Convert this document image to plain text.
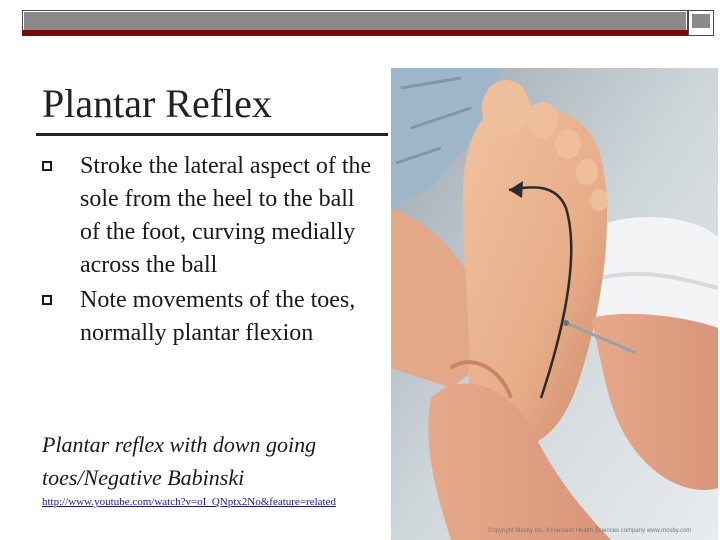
Plantar Reflex
Stroke the lateral aspect of the sole from the heel to the ball of the foot, curving medially across the ball
Note movements of the toes, normally plantar flexion
Plantar reflex with down going toes/Negative Babinski
http://www.youtube.com/watch?v=oI_QNptx2No&feature=related
Copyright Mosby Inc. A Harcourt Health Sciences company www.mosby.com
